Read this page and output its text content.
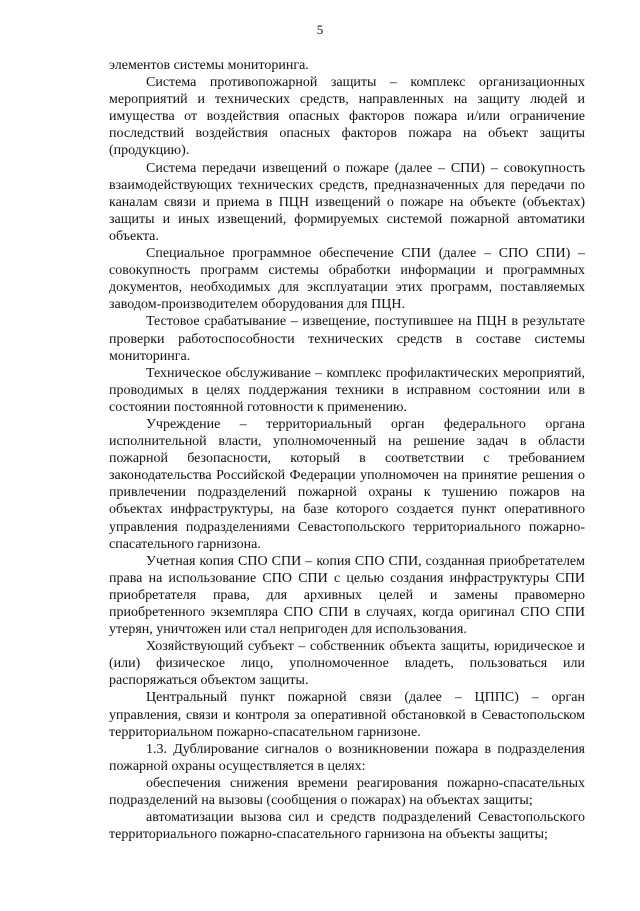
5

элементов системы мониторинга.

Система противопожарной защиты – комплекс организационных мероприятий и технических средств, направленных на защиту людей и имущества от воздействия опасных факторов пожара и/или ограничение последствий воздействия опасных факторов пожара на объект защиты (продукцию).

Система передачи извещений о пожаре (далее – СПИ) – совокупность взаимодействующих технических средств, предназначенных для передачи по каналам связи и приема в ПЦН извещений о пожаре на объекте (объектах) защиты и иных извещений, формируемых системой пожарной автоматики объекта.

Специальное программное обеспечение СПИ (далее – СПО СПИ) – совокупность программ системы обработки информации и программных документов, необходимых для эксплуатации этих программ, поставляемых заводом-производителем оборудования для ПЦН.

Тестовое срабатывание – извещение, поступившее на ПЦН в результате проверки работоспособности технических средств в составе системы мониторинга.

Техническое обслуживание – комплекс профилактических мероприятий, проводимых в целях поддержания техники в исправном состоянии или в состоянии постоянной готовности к применению.

Учреждение – территориальный орган федерального органа исполнительной власти, уполномоченный на решение задач в области пожарной безопасности, который в соответствии с требованием законодательства Российской Федерации уполномочен на принятие решения о привлечении подразделений пожарной охраны к тушению пожаров на объектах инфраструктуры, на базе которого создается пункт оперативного управления подразделениями Севастопольского территориального пожарно-спасательного гарнизона.

Учетная копия СПО СПИ – копия СПО СПИ, созданная приобретателем права на использование СПО СПИ с целью создания инфраструктуры СПИ приобретателя права, для архивных целей и замены правомерно приобретенного экземпляра СПО СПИ в случаях, когда оригинал СПО СПИ утерян, уничтожен или стал непригоден для использования.

Хозяйствующий субъект – собственник объекта защиты, юридическое и (или) физическое лицо, уполномоченное владеть, пользоваться или распоряжаться объектом защиты.

Центральный пункт пожарной связи (далее – ЦППС) – орган управления, связи и контроля за оперативной обстановкой в Севастопольском территориальном пожарно-спасательном гарнизоне.

1.3. Дублирование сигналов о возникновении пожара в подразделения пожарной охраны осуществляется в целях:

обеспечения снижения времени реагирования пожарно-спасательных подразделений на вызовы (сообщения о пожарах) на объектах защиты;

автоматизации вызова сил и средств подразделений Севастопольского территориального пожарно-спасательного гарнизона на объекты защиты;
